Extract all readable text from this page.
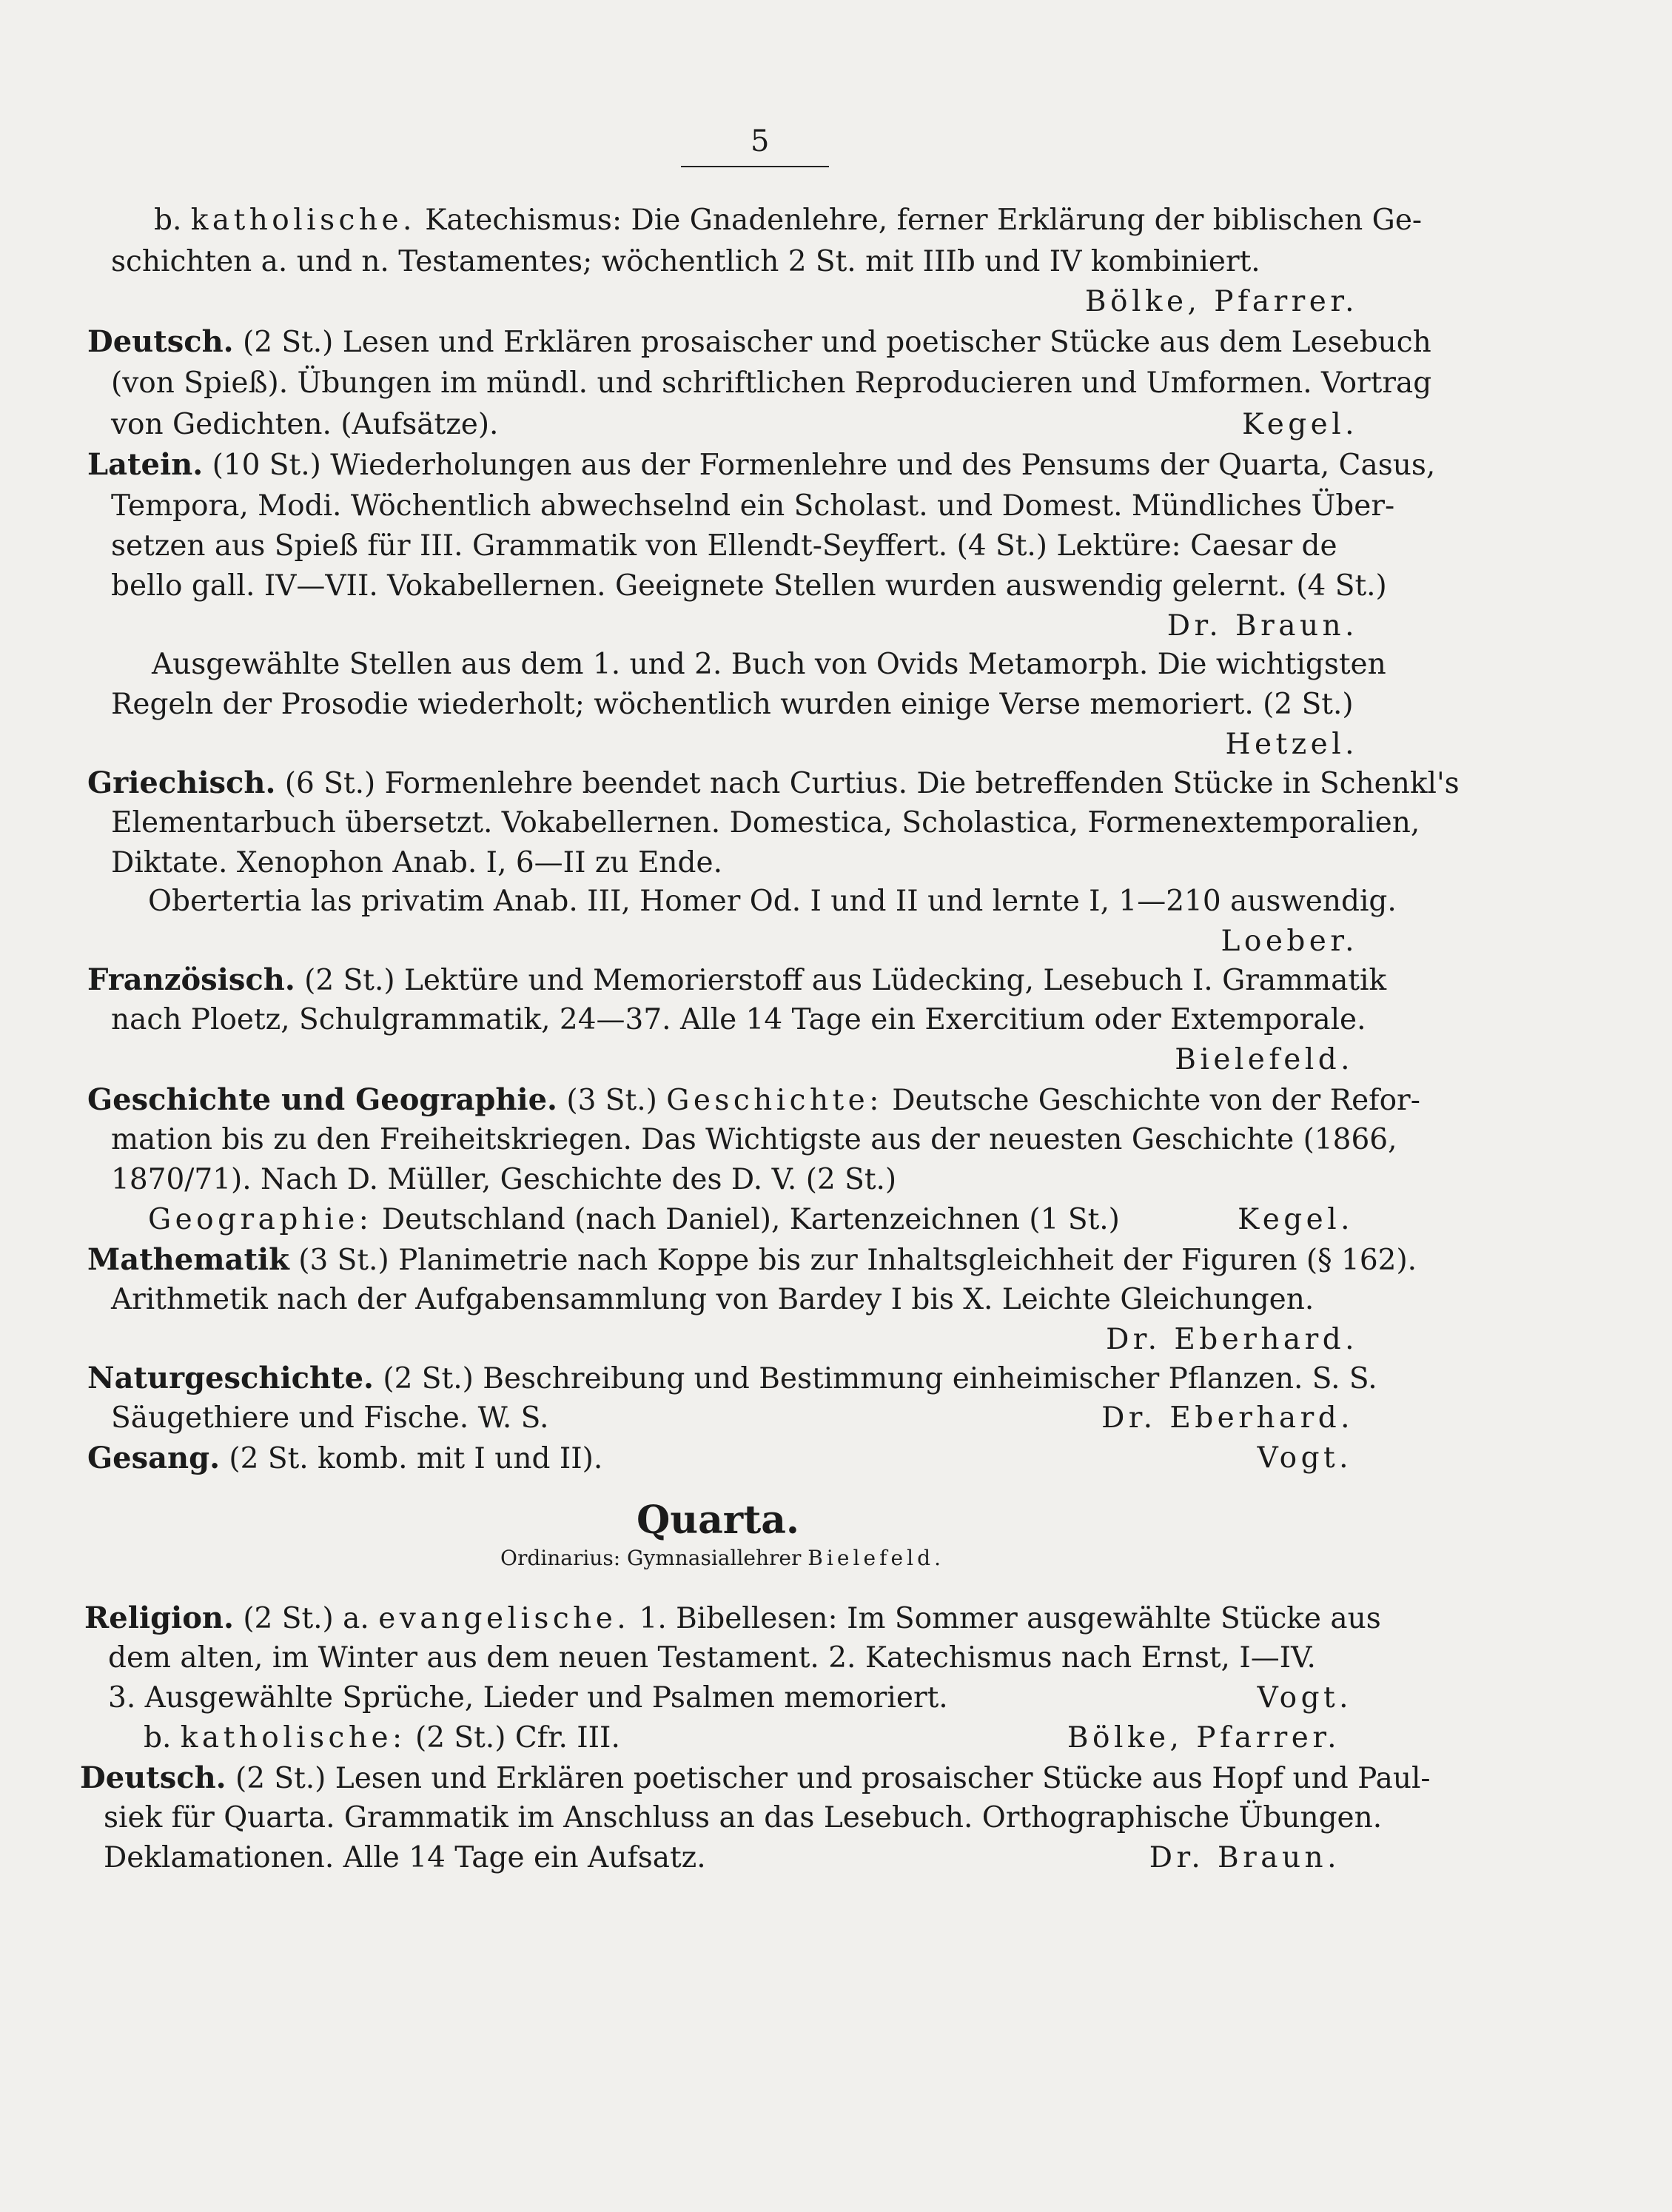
5
b. katholische. Katechismus: Die Gnadenlehre, ferner Erklärung der biblischen Ge-
schichten a. und n. Testamentes; wöchentlich 2 St. mit IIIb und IV kombiniert.
Bölke, Pfarrer.
Deutsch. (2 St.) Lesen und Erklären prosaischer und poetischer Stücke aus dem Lesebuch
(von Spieß). Übungen im mündl. und schriftlichen Reproducieren und Umformen. Vortrag
von Gedichten. (Aufsätze).	Kegel.
Latein. (10 St.) Wiederholungen aus der Formenlehre und des Pensums der Quarta, Casus,
Tempora, Modi. Wöchentlich abwechselnd ein Scholast. und Domest. Mündliches Über-
setzen aus Spieß für III. Grammatik von Ellendt-Seyffert. (4 St.) Lektüre: Caesar de
bello gall. IV—VII. Vokabellernen. Geeignete Stellen wurden auswendig gelernt. (4 St.)
Dr. Braun.
Ausgewählte Stellen aus dem 1. und 2. Buch von Ovids Metamorph. Die wichtigsten
Regeln der Prosodie wiederholt; wöchentlich wurden einige Verse memoriert. (2 St.)
Hetzel.
Griechisch. (6 St.) Formenlehre beendet nach Curtius. Die betreffenden Stücke in Schenkl's
Elementarbuch übersetzt. Vokabellernen. Domestica, Scholastica, Formenextemporalien,
Diktate. Xenophon Anab. I, 6—II zu Ende.
Obertertia las privatim Anab. III, Homer Od. I und II und lernte I, 1—210 auswendig.
Loeber.
Französisch. (2 St.) Lektüre und Memorierstoff aus Lüdecking, Lesebuch I. Grammatik
nach Ploetz, Schulgrammatik, 24—37. Alle 14 Tage ein Exercitium oder Extemporale.
Bielefeld.
Geschichte und Geographie. (3 St.) Geschichte: Deutsche Geschichte von der Refor-
mation bis zu den Freiheitskriegen. Das Wichtigste aus der neuesten Geschichte (1866,
1870/71). Nach D. Müller, Geschichte des D. V. (2 St.)
Geographie: Deutschland (nach Daniel), Kartenzeichnen (1 St.)	Kegel.
Mathematik (3 St.) Planimetrie nach Koppe bis zur Inhaltsgleichheit der Figuren (§ 162).
Arithmetik nach der Aufgabensammlung von Bardey I bis X. Leichte Gleichungen.
Dr. Eberhard.
Naturgeschichte. (2 St.) Beschreibung und Bestimmung einheimischer Pflanzen. S. S.
Säugethiere und Fische. W. S.	Dr. Eberhard.
Gesang. (2 St. komb. mit I und II).	Vogt.
Quarta.
Ordinarius: Gymnasiallehrer Bielefeld.
Religion. (2 St.) a. evangelische. 1. Bibellesen: Im Sommer ausgewählte Stücke aus
dem alten, im Winter aus dem neuen Testament. 2. Katechismus nach Ernst, I—IV.
3. Ausgewählte Sprüche, Lieder und Psalmen memoriert.	Vogt.
b. katholische: (2 St.) Cfr. III.	Bölke, Pfarrer.
Deutsch. (2 St.) Lesen und Erklären poetischer und prosaischer Stücke aus Hopf und Paul-
siek für Quarta. Grammatik im Anschluss an das Lesebuch. Orthographische Übungen.
Deklamationen. Alle 14 Tage ein Aufsatz.	Dr. Braun.
